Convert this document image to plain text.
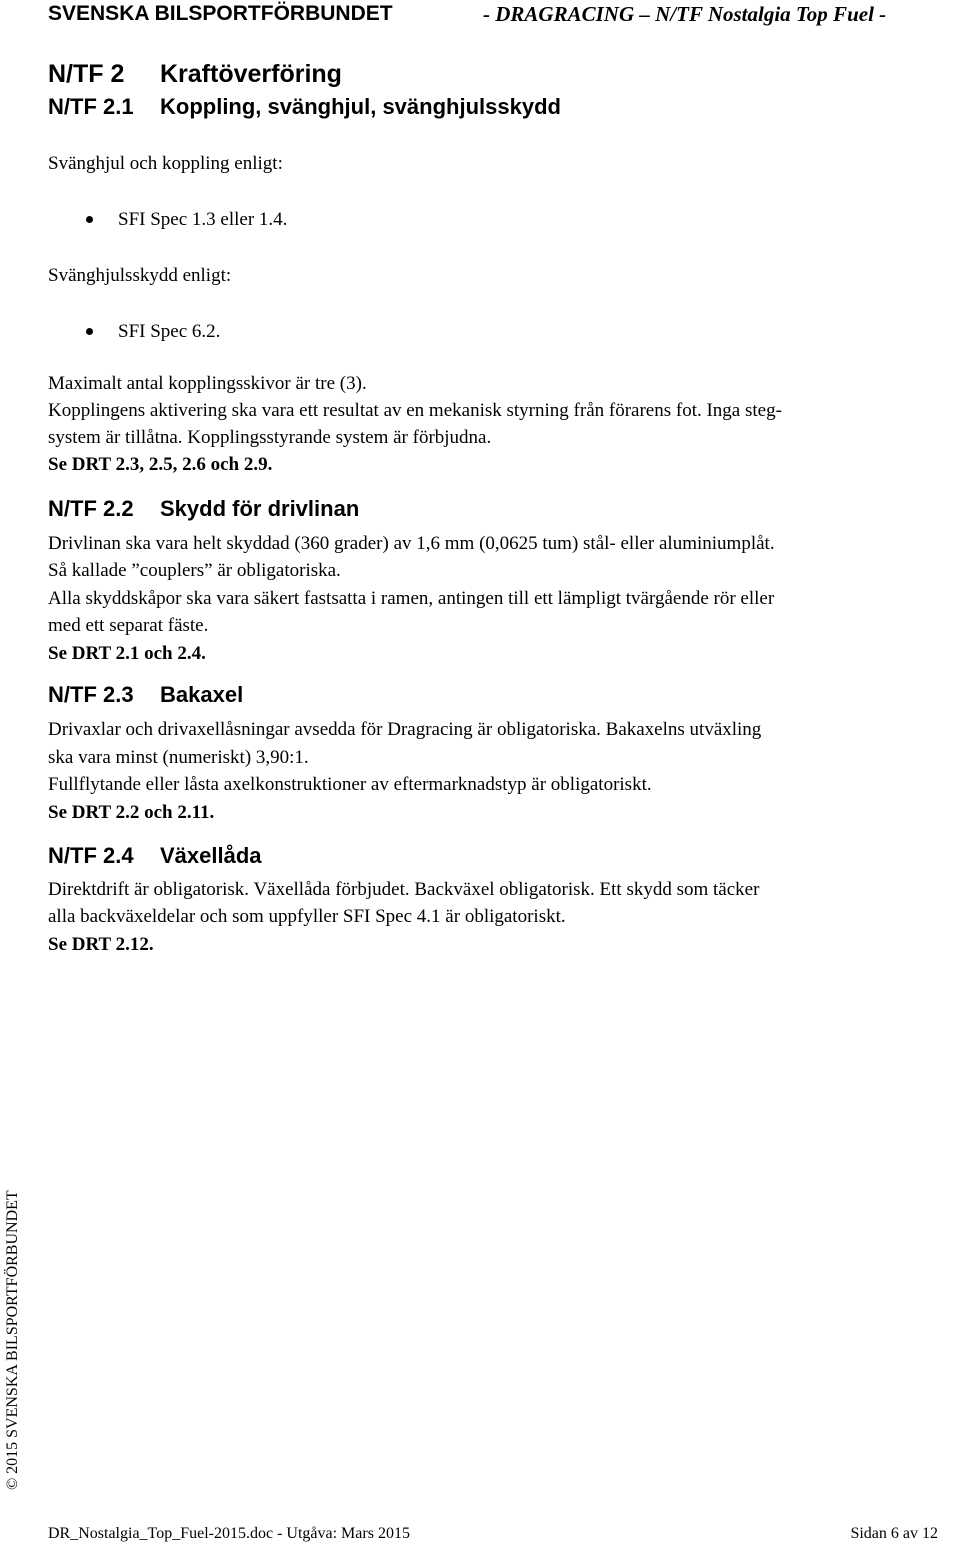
SVENSKA BILSPORTFÖRBUNDET	- DRAGRACING – N/TF Nostalgia Top Fuel -
N/TF 2 Kraftöverföring
N/TF 2.1 Koppling, svänghjul, svänghjulsskydd
Svänghjul och koppling enligt:
SFI Spec 1.3 eller 1.4.
Svänghjulsskydd enligt:
SFI Spec 6.2.
Maximalt antal kopplingsskivor är tre (3).
Kopplingens aktivering ska vara ett resultat av en mekanisk styrning från förarens fot. Inga steg-
system är tillåtna. Kopplingsstyrande system är förbjudna.
Se DRT 2.3, 2.5, 2.6 och 2.9.
N/TF 2.2 Skydd för drivlinan
Drivlinan ska vara helt skyddad (360 grader) av 1,6 mm (0,0625 tum) stål- eller aluminiumplåt.
Så kallade ”couplers” är obligatoriska.
Alla skyddskåpor ska vara säkert fastsatta i ramen, antingen till ett lämpligt tvärgående rör eller
med ett separat fäste.
Se DRT 2.1 och 2.4.
N/TF 2.3 Bakaxel
Drivaxlar och drivaxellåsningar avsedda för Dragracing är obligatoriska. Bakaxelns utväxling
ska vara minst (numeriskt) 3,90:1.
Fullflytande eller låsta axelkonstruktioner av eftermarknadstyp är obligatoriskt.
Se DRT 2.2 och 2.11.
N/TF 2.4 Växellåda
Direktdrift är obligatorisk. Växellåda förbjudet. Backväxel obligatorisk. Ett skydd som täcker
alla backväxeldelar och som uppfyller SFI Spec 4.1 är obligatoriskt.
Se DRT 2.12.
© 2015 SVENSKA BILSPORTFÖRBUNDET
DR_Nostalgia_Top_Fuel-2015.doc - Utgåva: Mars 2015	Sidan 6 av 12
